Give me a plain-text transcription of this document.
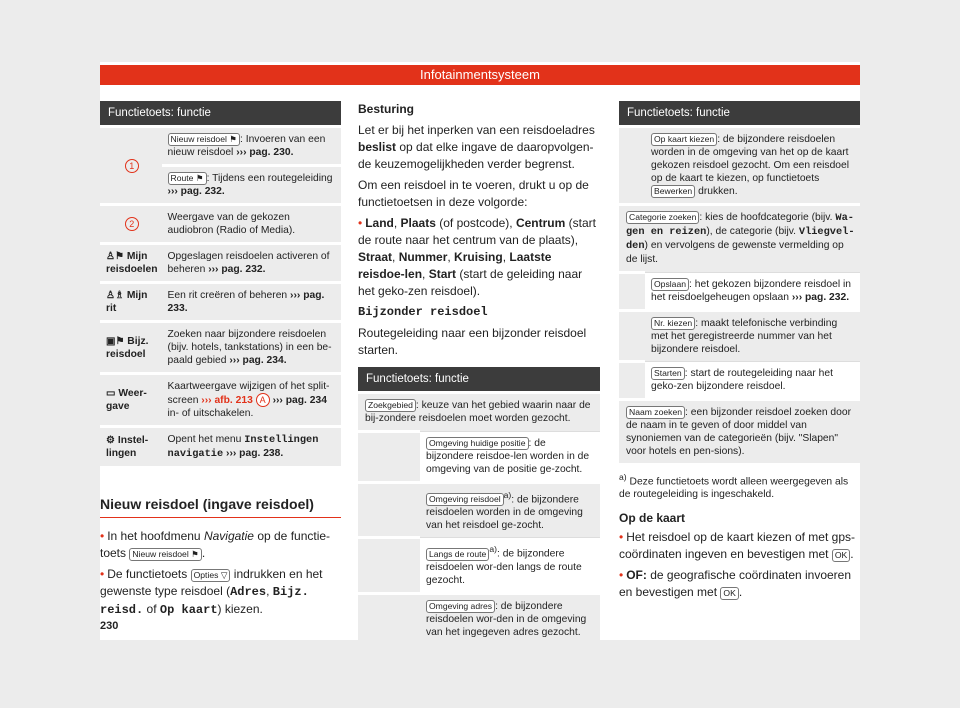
Infotainmentsysteem
Functietoets: functie	
1	Nieuw reisdoel ⚑ : Invoeren van een nieuw reisdoel ››› pag. 230.
	Route ⚑ : Tijdens een routegeleiding ››› pag. 232.
2	Weergave van de gekozen audiobron (Radio of Media).
♙⚑ Mijn reisdoelen	Opgeslagen reisdoelen activeren of beheren ››› pag. 232.
♙♗ Mijn rit	Een rit creëren of beheren ››› pag. 233.
▣⚑ Bijz. reisdoel	Zoeken naar bijzondere reisdoelen (bijv. hotels, tankstations) in een be-paald gebied ››› pag. 234.
▭ Weer-gave	Kaartweergave wijzigen of het split-screen ››› afb. 213 A ››› pag. 234 in- of uitschakelen.
⚙ Instel-lingen	Opent het menu Instellingen navigatie ››› pag. 238.
Nieuw reisdoel (ingave reisdoel)

• In het hoofdmenu Navigatie op de functie-toets Nieuw reisdoel ⚑ .

• De functietoets Opties ▽ indrukken en het gewenste type reisdoel (Adres, Bijz. reisd. of Op kaart) kiezen.

Besturing

Let er bij het inperken van een reisdoeladres beslist op dat elke ingave de daaropvolgen-de keuzemogelijkheden verder begrenst.

Om een reisdoel in te voeren, drukt u op de functietoetsen in deze volgorde:

• Land, Plaats (of postcode), Centrum (start de route naar het centrum van de plaats), Straat, Nummer, Kruising, Laatste reisdoe-len, Start (start de geleiding naar het geko-zen reisdoel).

Bijzonder reisdoel

Routegeleiding naar een bijzonder reisdoel starten.

Functietoets: functie	
Zoekgebied : keuze van het gebied waarin naar de bij-zondere reisdoelen moet worden gezocht.	
	Omgeving huidige positie : de bijzondere reisdoe-len worden in de omgeving van de positie ge-zocht.
	Omgeving reisdoel $^{a)}$: de bijzondere reisdoelen worden in de omgeving van het reisdoel ge-zocht.
	Langs de route $^{a)}$: de bijzondere reisdoelen wor-den langs de route gezocht.
	Omgeving adres : de bijzondere reisdoelen wor-den in de omgeving van het ingegeven adres gezocht.
Functietoets: functie	
	Op kaart kiezen : de bijzondere reisdoelen worden in de omgeving van het op de kaart gekozen reisdoel gezocht. Om een reisdoel op de kaart te kiezen, op functietoets Bewerken drukken.
Categorie zoeken : kies de hoofdcategorie (bijv. Wa-gen en reizen), de categorie (bijv. Vliegvel-den) en vervolgens de gewenste vermelding op de lijst.	
	Opslaan : het gekozen bijzondere reisdoel in het reisdoelgeheugen opslaan ››› pag. 232.
	Nr. kiezen : maakt telefonische verbinding met het geregistreerde nummer van het bijzondere reisdoel.
	Starten : start de routegeleiding naar het geko-zen bijzondere reisdoel.
Naam zoeken : een bijzonder reisdoel zoeken door de naam in te geven of door middel van synoniemen van de categorieën (bijv. "Slapen" voor hotels en pen-sions).	

$^{a)}$ Deze functietoets wordt alleen weergegeven als de routegeleiding is ingeschakeld.

Op de kaart

• Het reisdoel op de kaart kiezen of met gps-coördinaten ingeven en bevestigen met OK .

• OF: de geografische coördinaten invoeren en bevestigen met OK .

230
